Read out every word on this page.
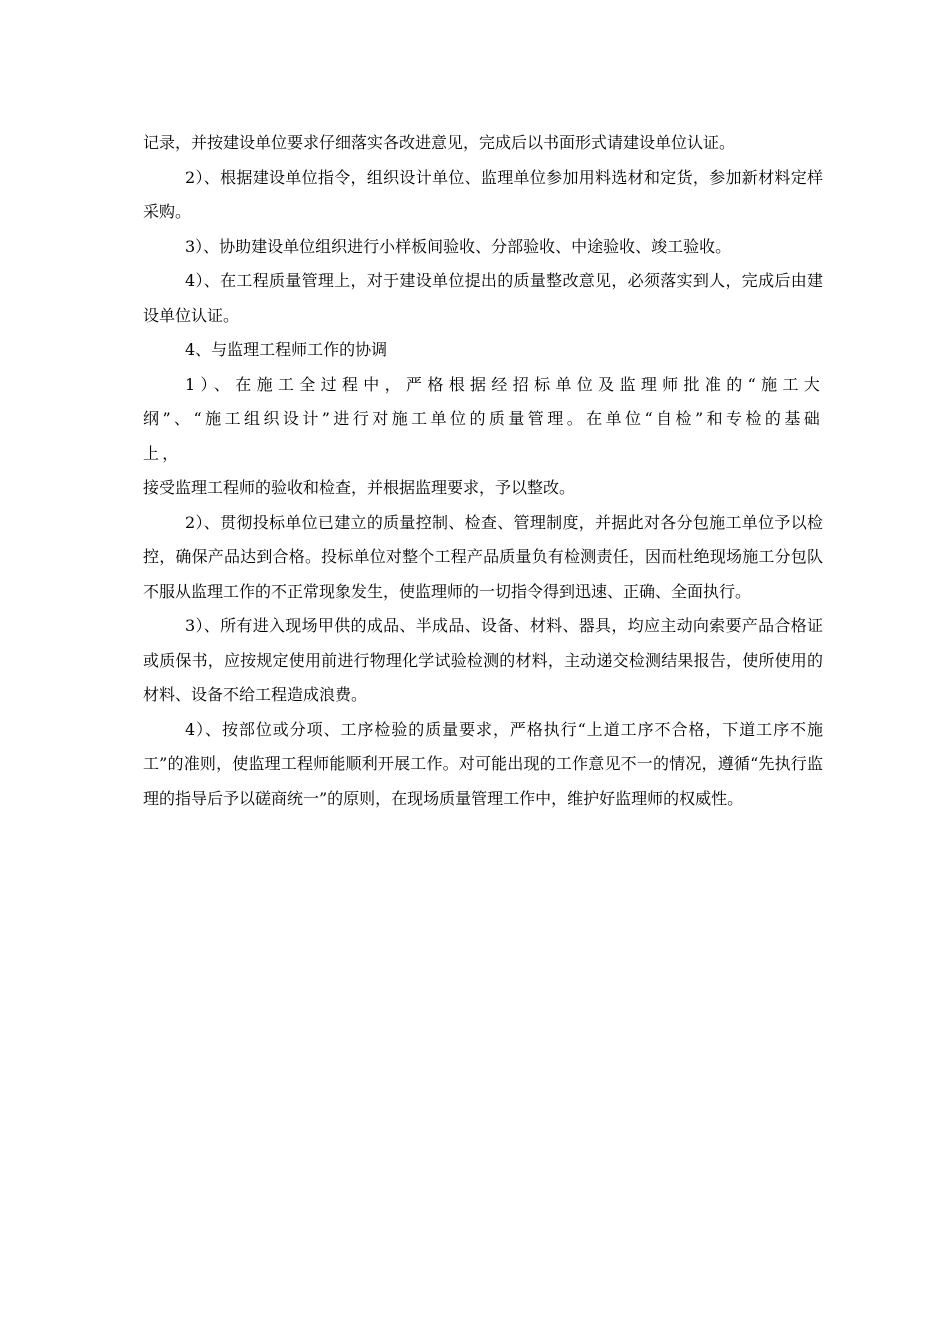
记录，并按建设单位要求仔细落实各改进意见，完成后以书面形式请建设单位认证。

2）、根据建设单位指令，组织设计单位、监理单位参加用料选材和定货，参加新材料定样采购。

3）、协助建设单位组织进行小样板间验收、分部验收、中途验收、竣工验收。

4）、在工程质量管理上，对于建设单位提出的质量整改意见，必须落实到人，完成后由建设单位认证。

4、与监理工程师工作的协调

1）、在施工全过程中，严格根据经招标单位及监理师批准的“施工大纲”、“施工组织设计”进行对施工单位的质量管理。在单位“自检”和专检的基础上，

接受监理工程师的验收和检查，并根据监理要求，予以整改。

2）、贯彻投标单位已建立的质量控制、检查、管理制度，并据此对各分包施工单位予以检控，确保产品达到合格。投标单位对整个工程产品质量负有检测责任，因而杜绝现场施工分包队不服从监理工作的不正常现象发生，使监理师的一切指令得到迅速、正确、全面执行。

3）、所有进入现场甲供的成品、半成品、设备、材料、器具，均应主动向索要产品合格证或质保书，应按规定使用前进行物理化学试验检测的材料，主动递交检测结果报告，使所使用的材料、设备不给工程造成浪费。

4）、按部位或分项、工序检验的质量要求，严格执行“上道工序不合格，下道工序不施工”的准则，使监理工程师能顺利开展工作。对可能出现的工作意见不一的情况，遵循“先执行监理的指导后予以磋商统一”的原则，在现场质量管理工作中，维护好监理师的权威性。
